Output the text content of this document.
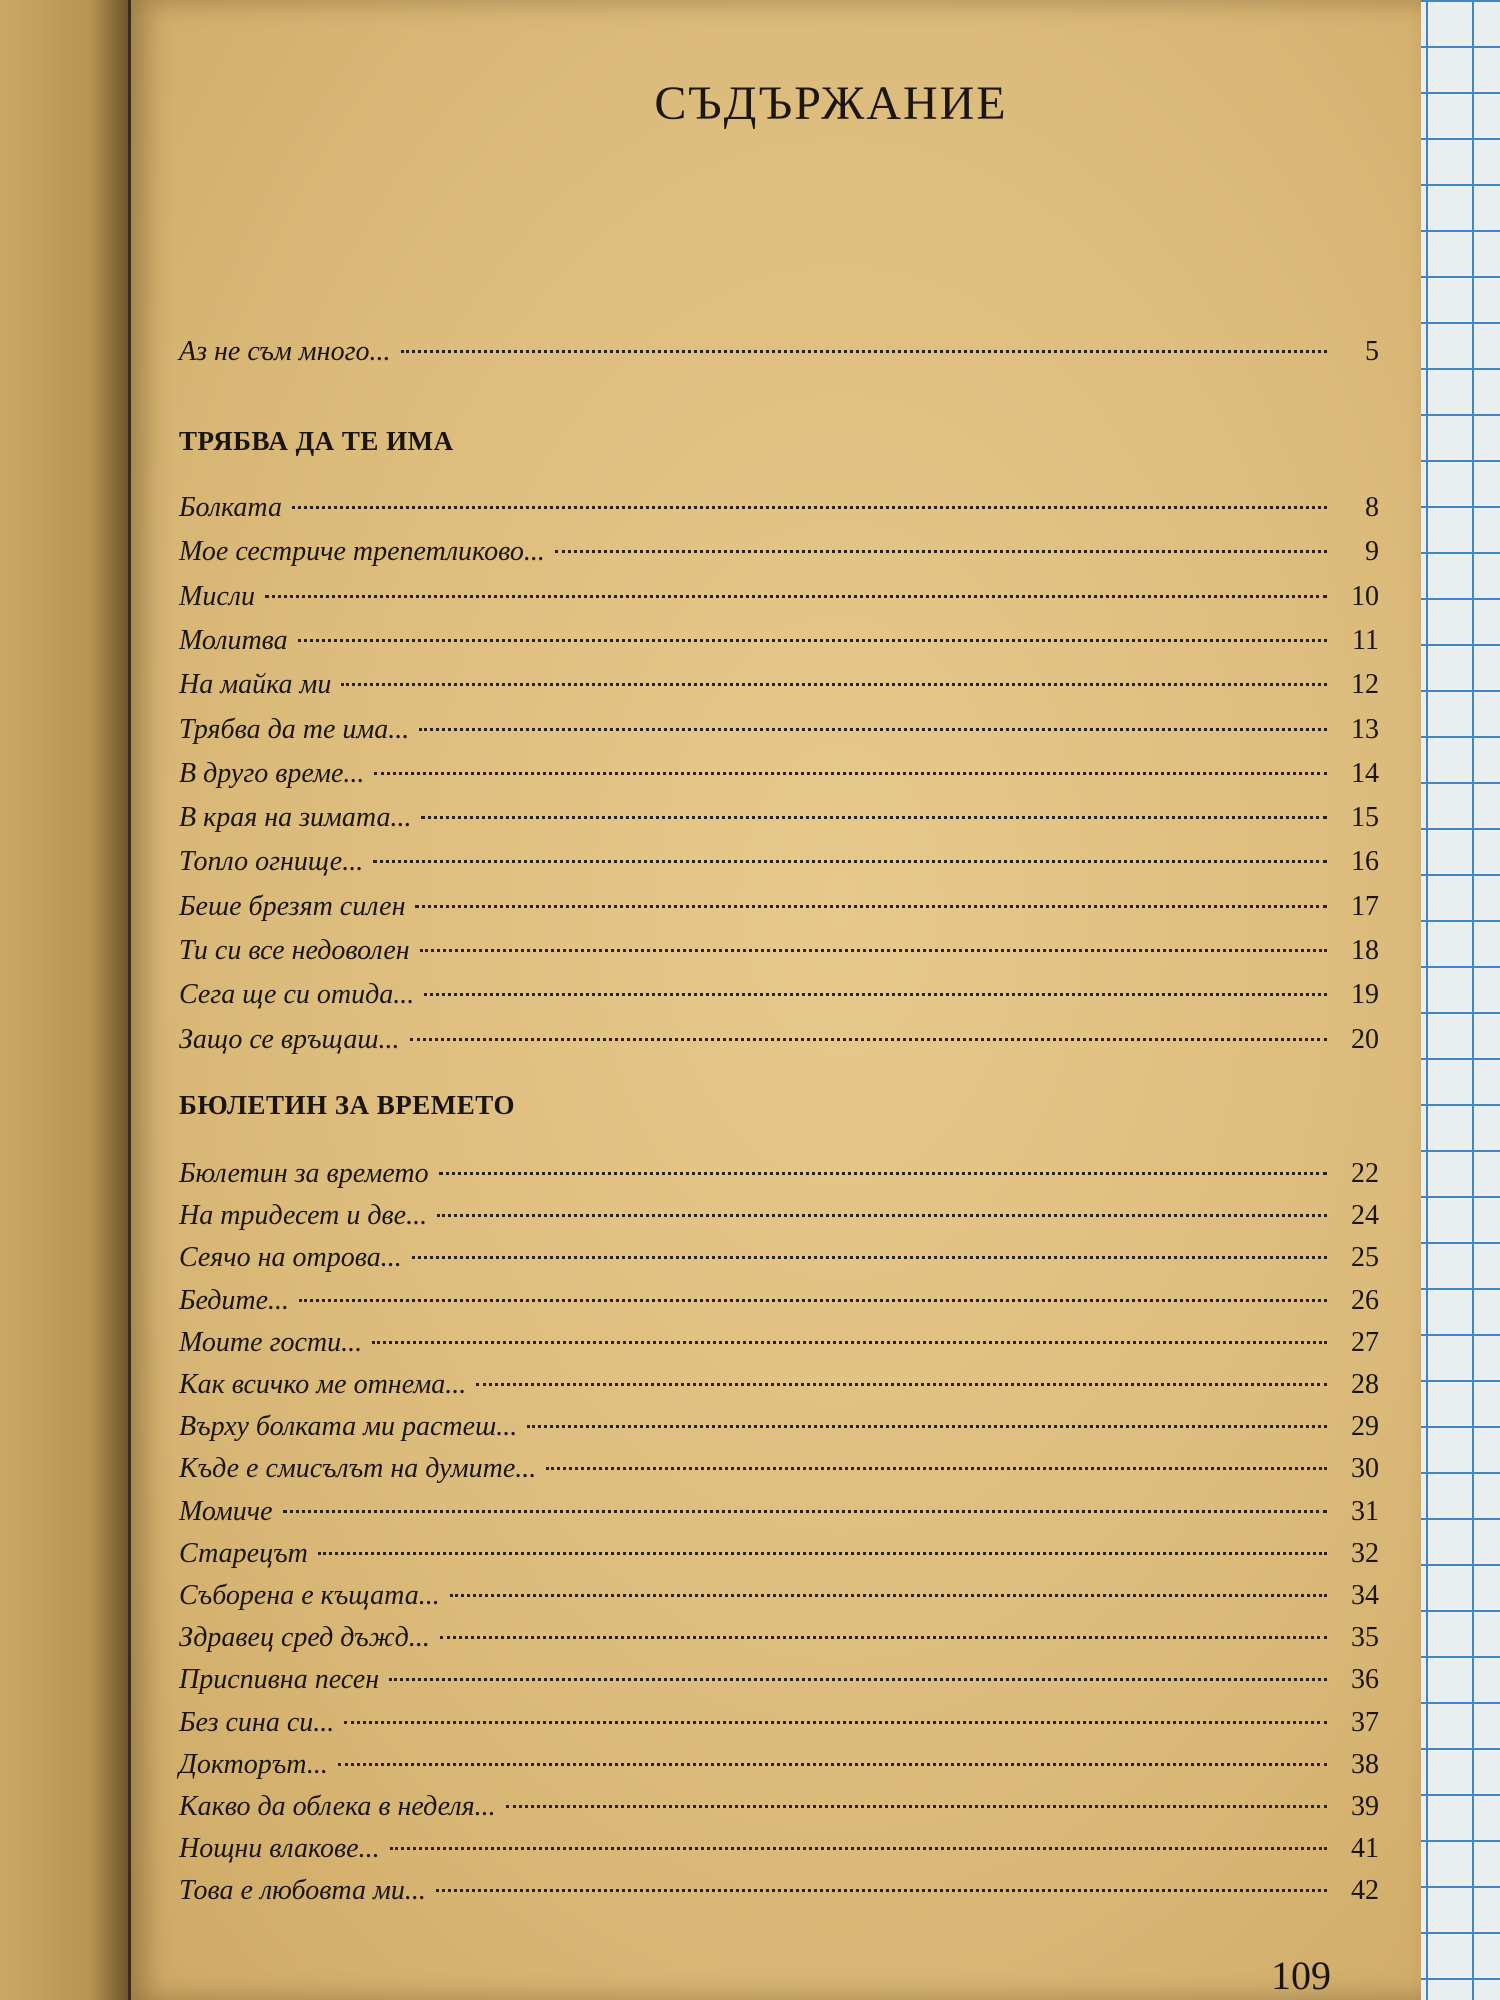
СЪДЪРЖАНИЕ
Аз не съм много...	5
ТРЯБВА ДА ТЕ ИМА
Болката	8
Мое сестриче трепетликово...	9
Мисли	10
Молитва	11
На майка ми	12
Трябва да те има...	13
В друго време...	14
В края на зимата...	15
Топло огнище...	16
Беше брезят силен	17
Ти си все недоволен	18
Сега ще си отида...	19
Защо се връщаш...	20
БЮЛЕТИН ЗА ВРЕМЕТО
Бюлетин за времето	22
На тридесет и две...	24
Сеячо на отрова...	25
Бедите...	26
Моите гости...	27
Как всичко ме отнема...	28
Върху болката ми растеш...	29
Къде е смисълът на думите...	30
Момиче	31
Старецът	32
Съборена е къщата...	34
Здравец сред дъжд...	35
Приспивна песен	36
Без сина си...	37
Докторът...	38
Какво да облека в неделя...	39
Нощни влакове...	41
Това е любовта ми...	42
109
